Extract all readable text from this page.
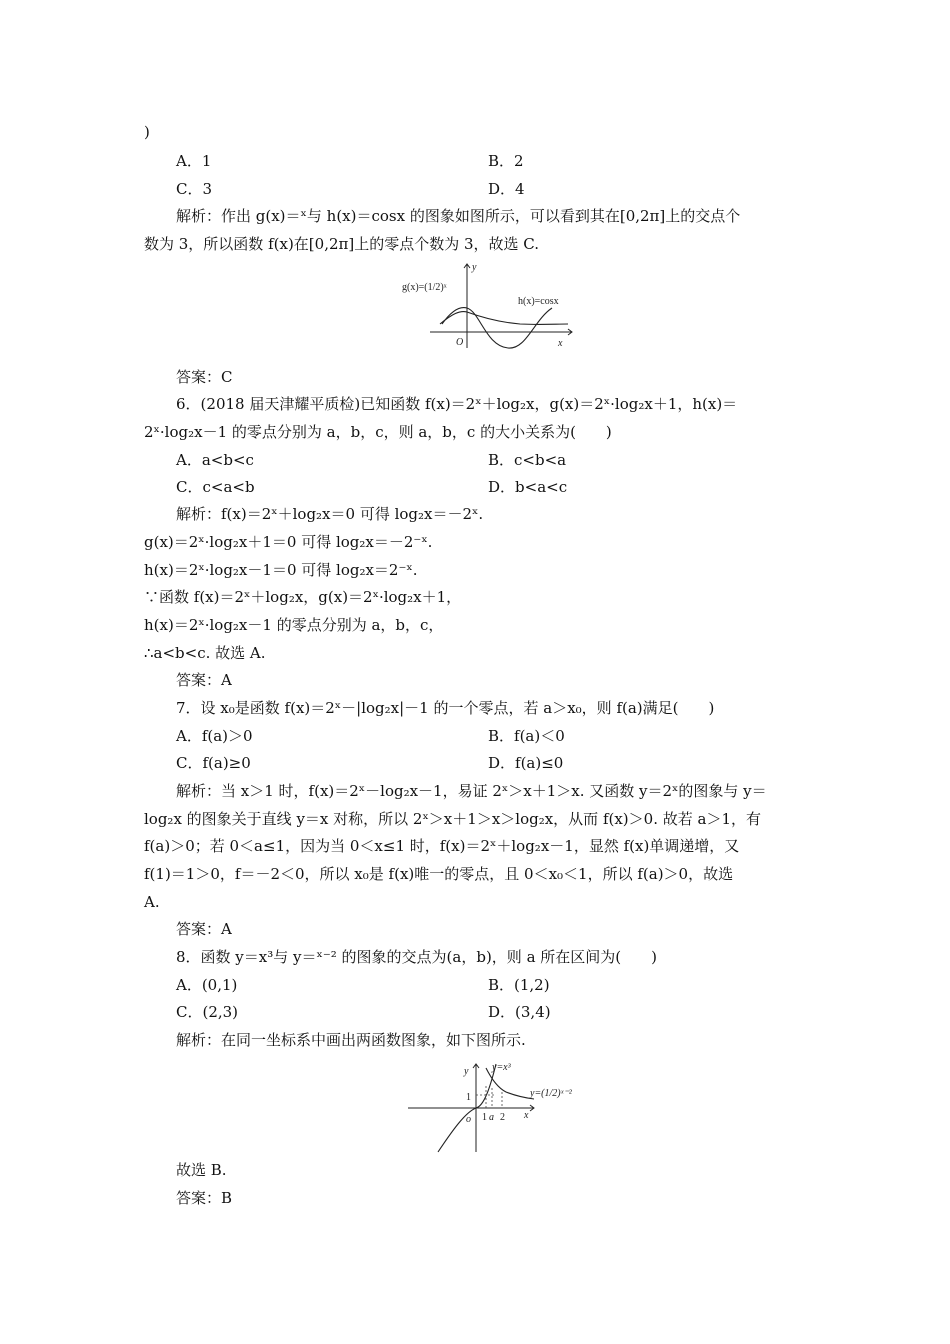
)
A．1	B．2
C．3	D．4
解析：作出 g(x)＝ˣ与 h(x)＝cosx 的图象如图所示，可以看到其在[0,2π]上的交点个
数为 3，所以函数 f(x)在[0,2π]上的零点个数为 3，故选 C.
g(x)=(1/2)ˣ
h(x)=cosx
y
x
O
答案：C
6．(2018 届天津耀平质检)已知函数 f(x)＝2ˣ＋log₂x，g(x)＝2ˣ·log₂x＋1，h(x)＝
2ˣ·log₂x－1 的零点分别为 a，b，c，则 a，b，c 的大小关系为(　　)
A．a<b<c	B．c<b<a
C．c<a<b	D．b<a<c
解析：f(x)＝2ˣ＋log₂x＝0 可得 log₂x＝－2ˣ.
g(x)＝2ˣ·log₂x＋1＝0 可得 log₂x＝－2⁻ˣ.
h(x)＝2ˣ·log₂x－1＝0 可得 log₂x＝2⁻ˣ.
∵函数 f(x)＝2ˣ＋log₂x，g(x)＝2ˣ·log₂x＋1，
h(x)＝2ˣ·log₂x－1 的零点分别为 a，b，c，
∴a<b<c. 故选 A.
答案：A
7．设 x₀是函数 f(x)＝2ˣ－|log₂x|－1 的一个零点，若 a＞x₀，则 f(a)满足(　　)
A．f(a)＞0	B．f(a)＜0
C．f(a)≥0	D．f(a)≤0
解析：当 x＞1 时，f(x)＝2ˣ－log₂x－1，易证 2ˣ＞x＋1＞x. 又函数 y＝2ˣ的图象与 y＝
log₂x 的图象关于直线 y＝x 对称，所以 2ˣ＞x＋1＞x＞log₂x，从而 f(x)＞0. 故若 a＞1，有
f(a)＞0；若 0＜a≤1，因为当 0＜x≤1 时，f(x)＝2ˣ＋log₂x－1，显然 f(x)单调递增，又
f(1)＝1＞0，f＝－2＜0，所以 x₀是 f(x)唯一的零点，且 0＜x₀＜1，所以 f(a)＞0，故选
A.
答案：A
8．函数 y＝x³与 y＝ˣ⁻² 的图象的交点为(a，b)，则 a 所在区间为(　　)
A．(0,1)	B．(1,2)
C．(2,3)	D．(3,4)
解析：在同一坐标系中画出两函数图象，如下图所示.
y y=x³
y=(1/2)ˣ⁻²
1
o 1 a 2 x
故选 B.
答案：B
